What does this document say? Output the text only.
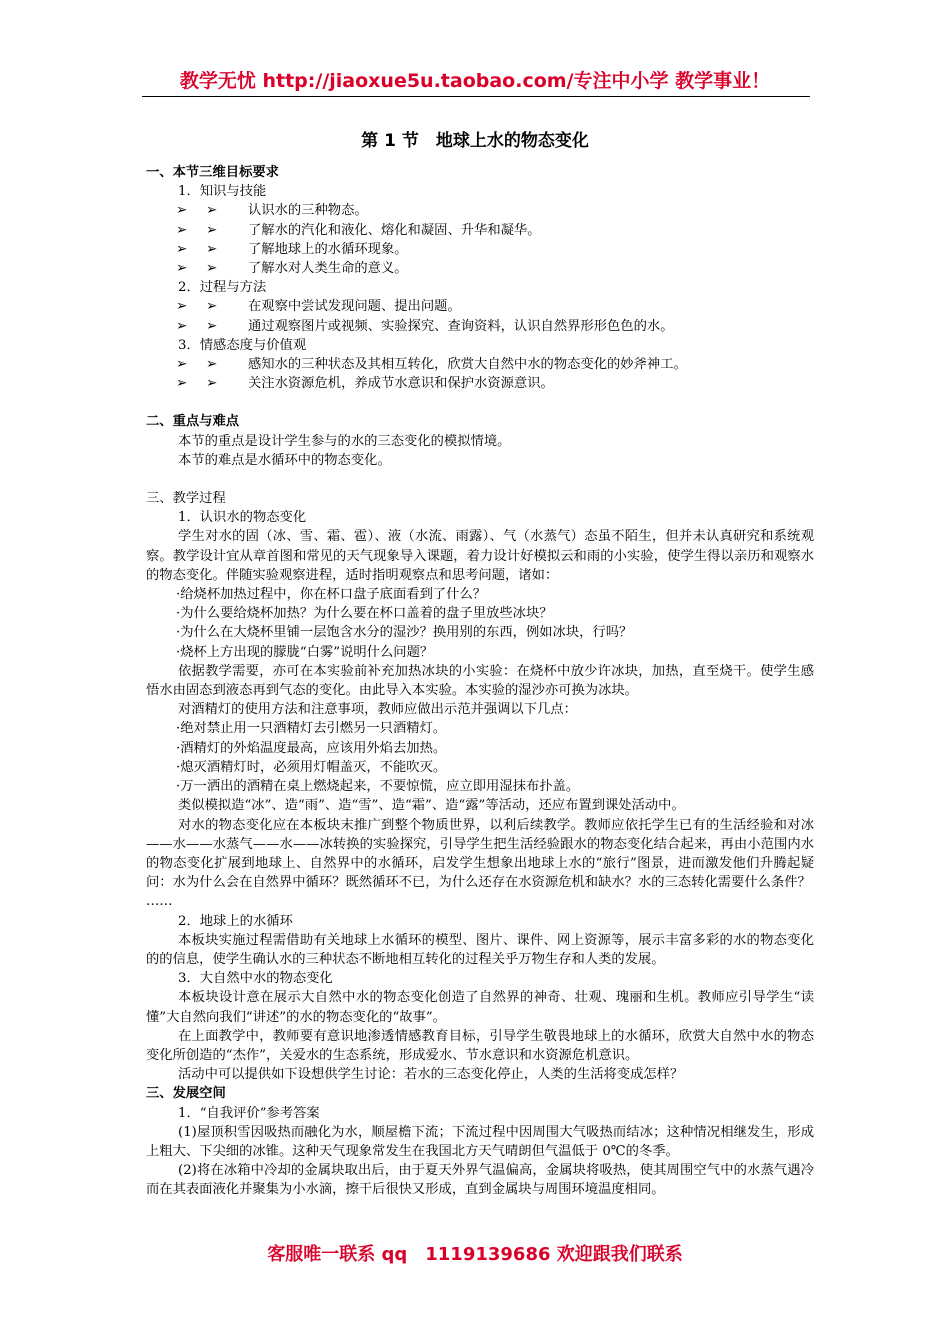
教学无忧 http://jiaoxue5u.taobao.com/专注中小学 教学事业！
第 1 节　地球上水的物态变化

一、本节三维目标要求

1．知识与技能

➢ ➢ 认识水的三种物态。

➢ ➢ 了解水的汽化和液化、熔化和凝固、升华和凝华。

➢ ➢ 了解地球上的水循环现象。

➢ ➢ 了解水对人类生命的意义。

2．过程与方法

➢ ➢ 在观察中尝试发现问题、提出问题。

➢ ➢ 通过观察图片或视频、实验探究、查询资料，认识自然界形形色色的水。

3．情感态度与价值观

➢ ➢ 感知水的三种状态及其相互转化，欣赏大自然中水的物态变化的妙斧神工。

➢ ➢ 关注水资源危机，养成节水意识和保护水资源意识。

二、重点与难点

本节的重点是设计学生参与的水的三态变化的模拟情境。

本节的难点是水循环中的物态变化。

三、教学过程

1．认识水的物态变化

学生对水的固（冰、雪、霜、雹）、液（水流、雨露）、气（水蒸气）态虽不陌生，但并未认真研究和系统观察。教学设计宜从章首图和常见的天气现象导入课题，着力设计好模拟云和雨的小实验，使学生得以亲历和观察水的物态变化。伴随实验观察进程，适时指明观察点和思考问题，诸如：

·给烧杯加热过程中，你在杯口盘子底面看到了什么？

·为什么要给烧杯加热？为什么要在杯口盖着的盘子里放些冰块？

·为什么在大烧杯里铺一层饱含水分的湿沙？换用别的东西，例如冰块，行吗？

·烧杯上方出现的朦胧“白雾”说明什么问题？

依据教学需要，亦可在本实验前补充加热冰块的小实验：在烧杯中放少许冰块，加热，直至烧干。使学生感悟水由固态到液态再到气态的变化。由此导入本实验。本实验的湿沙亦可换为冰块。

对酒精灯的使用方法和注意事项，教师应做出示范并强调以下几点：

·绝对禁止用一只酒精灯去引燃另一只酒精灯。

·酒精灯的外焰温度最高，应该用外焰去加热。

·熄灭酒精灯时，必须用灯帽盖灭，不能吹灭。

·万一洒出的酒精在桌上燃烧起来，不要惊慌，应立即用湿抹布扑盖。

类似模拟造“冰”、造“雨”、造“雪”、造“霜”、造“露”等活动，还应布置到课处活动中。

对水的物态变化应在本板块末推广到整个物质世界，以利后续教学。教师应依托学生已有的生活经验和对冰——水——水蒸气——水——冰转换的实验探究，引导学生把生活经验跟水的物态变化结合起来，再由小范围内水的物态变化扩展到地球上、自然界中的水循环，启发学生想象出地球上水的“旅行”图景，进而激发他们升腾起疑问：水为什么会在自然界中循环？既然循环不已，为什么还存在水资源危机和缺水？水的三态转化需要什么条件？

……

2．地球上的水循环

本板块实施过程需借助有关地球上水循环的模型、图片、课件、网上资源等，展示丰富多彩的水的物态变化的的信息，使学生确认水的三种状态不断地相互转化的过程关乎万物生存和人类的发展。

3．大自然中水的物态变化

本板块设计意在展示大自然中水的物态变化创造了自然界的神奇、壮观、瑰丽和生机。教师应引导学生“读懂”大自然向我们“讲述”的水的物态变化的“故事”。

在上面教学中，教师要有意识地渗透情感教育目标，引导学生敬畏地球上的水循环，欣赏大自然中水的物态变化所创造的“杰作”，关爱水的生态系统，形成爱水、节水意识和水资源危机意识。

活动中可以提供如下设想供学生讨论：若水的三态变化停止，人类的生活将变成怎样？

三、发展空间

1．“自我评价”参考答案

(1)屋顶积雪因吸热而融化为水，顺屋檐下流；下流过程中因周围大气吸热而结冰；这种情况相继发生，形成上粗大、下尖细的冰锥。这种天气现象常发生在我国北方天气晴朗但气温低于 0℃的冬季。

(2)将在冰箱中冷却的金属块取出后，由于夏天外界气温偏高，金属块将吸热，使其周围空气中的水蒸气遇冷而在其表面液化并聚集为小水滴，擦干后很快又形成，直到金属块与周围环境温度相同。

客服唯一联系 qq　1119139686 欢迎跟我们联系
